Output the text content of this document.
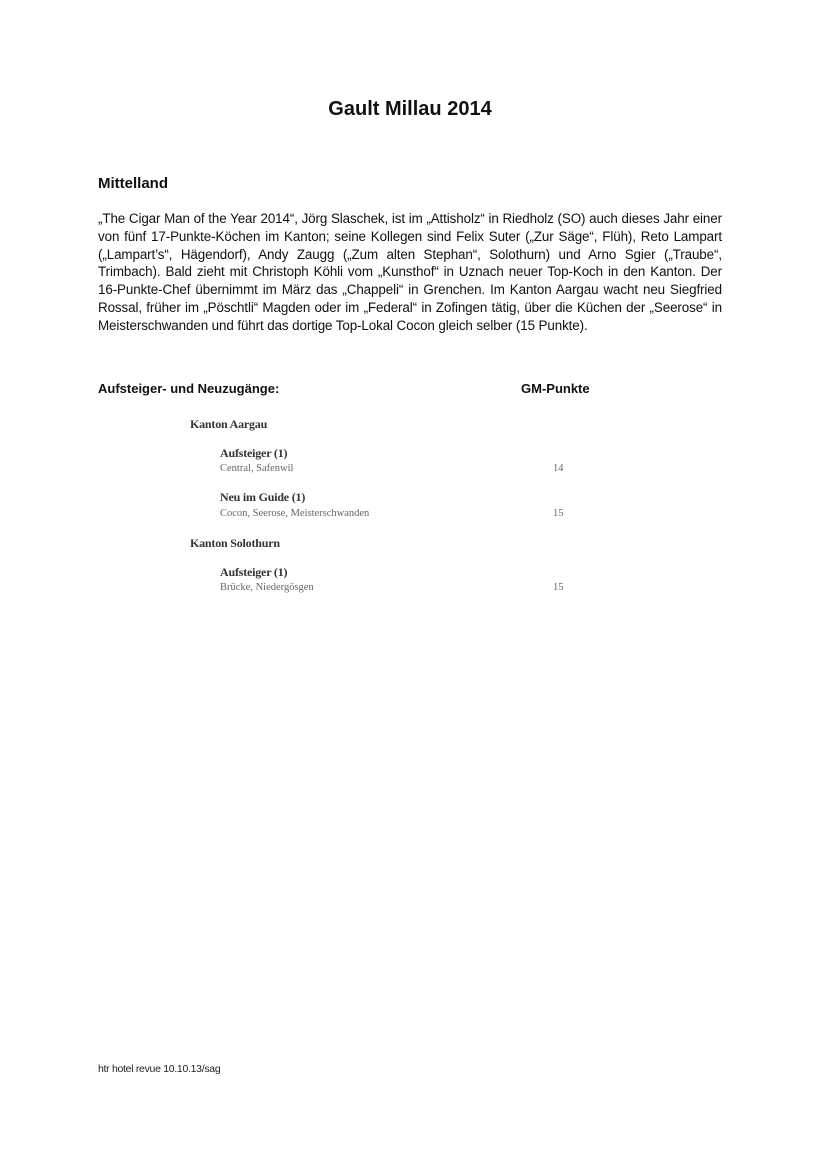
Gault Millau 2014
Mittelland

„The Cigar Man of the Year 2014“, Jörg Slaschek, ist im „Attisholz“ in Riedholz (SO) auch dieses Jahr einer von fünf 17-Punkte-Köchen im Kanton; seine Kollegen sind Felix Suter („Zur Säge“, Flüh), Reto Lampart („Lampart’s“, Hägendorf), Andy Zaugg („Zum alten Stephan“, Solothurn) und Arno Sgier („Traube“, Trimbach). Bald zieht mit Christoph Köhli vom „Kunsthof“ in Uznach neuer Top-Koch in den Kanton. Der 16-Punkte-Chef übernimmt im März das „Chappeli“ in Grenchen. Im Kanton Aargau wacht neu Siegfried Rossal, früher im „Pöschtli“ Magden oder im „Federal“ in Zofingen tätig, über die Küchen der „Seerose“ in Meisterschwanden und führt das dortige Top-Lokal Cocon gleich selber (15 Punkte).

Aufsteiger- und Neuzugänge:	GM-Punkte
Kanton Aargau
Aufsteiger (1)
Central, Safenwil	14
Neu im Guide (1)
Cocon, Seerose, Meisterschwanden	15
Kanton Solothurn
Aufsteiger (1)
Brücke, Niedergösgen	15
htr hotel revue 10.10.13/sag
